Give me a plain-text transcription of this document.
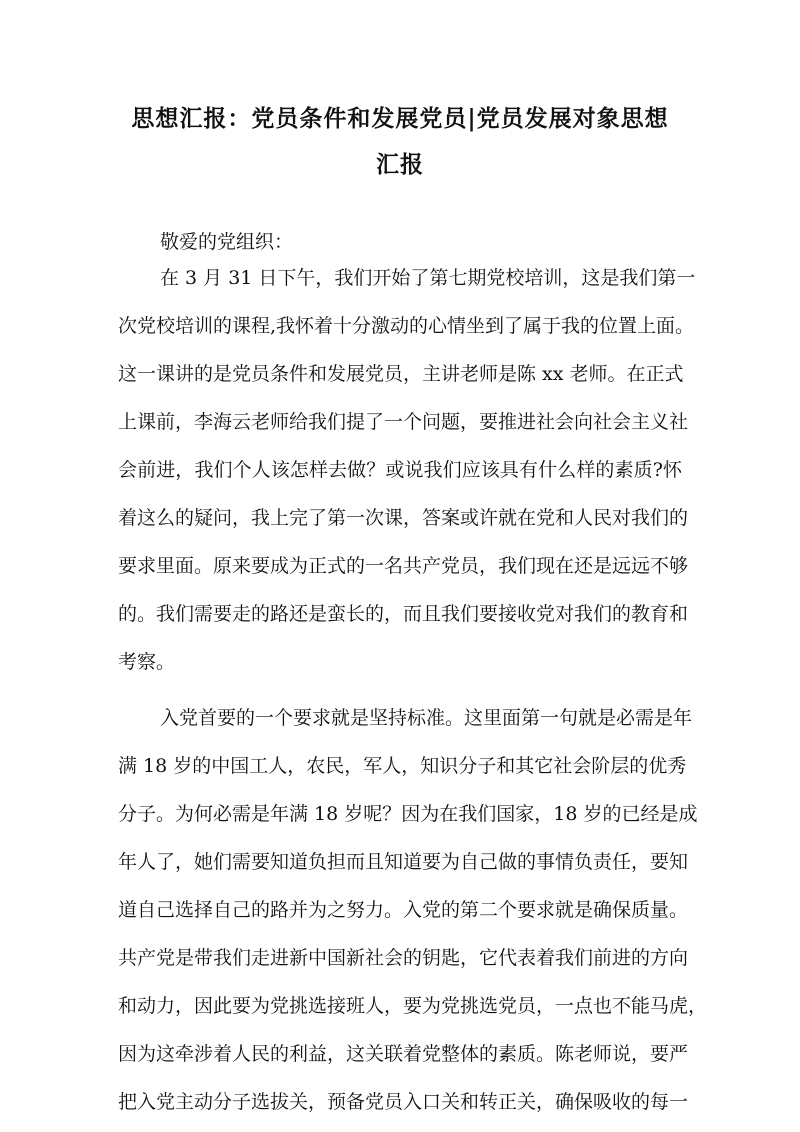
思想汇报：党员条件和发展党员|党员发展对象思想
汇报

敬爱的党组织：

在 3 月 31 日下午，我们开始了第七期党校培训，这是我们第一

次党校培训的课程,我怀着十分激动的心情坐到了属于我的位置上面。

这一课讲的是党员条件和发展党员，主讲老师是陈 xx 老师。在正式

上课前，李海云老师给我们提了一个问题，要推进社会向社会主义社

会前进，我们个人该怎样去做？或说我们应该具有什么样的素质?怀

着这么的疑问，我上完了第一次课，答案或许就在党和人民对我们的

要求里面。原来要成为正式的一名共产党员，我们现在还是远远不够

的。我们需要走的路还是蛮长的，而且我们要接收党对我们的教育和

考察。

入党首要的一个要求就是坚持标准。这里面第一句就是必需是年

满 18 岁的中国工人，农民，军人，知识分子和其它社会阶层的优秀

分子。为何必需是年满 18 岁呢？因为在我们国家，18 岁的已经是成

年人了，她们需要知道负担而且知道要为自己做的事情负责任，要知

道自己选择自己的路并为之努力。入党的第二个要求就是确保质量。

共产党是带我们走进新中国新社会的钥匙，它代表着我们前进的方向

和动力，因此要为党挑选接班人，要为党挑选党员，一点也不能马虎，

因为这牵涉着人民的利益，这关联着党整体的素质。陈老师说，要严

把入党主动分子选拔关，预备党员入口关和转正关，确保吸收的每一
